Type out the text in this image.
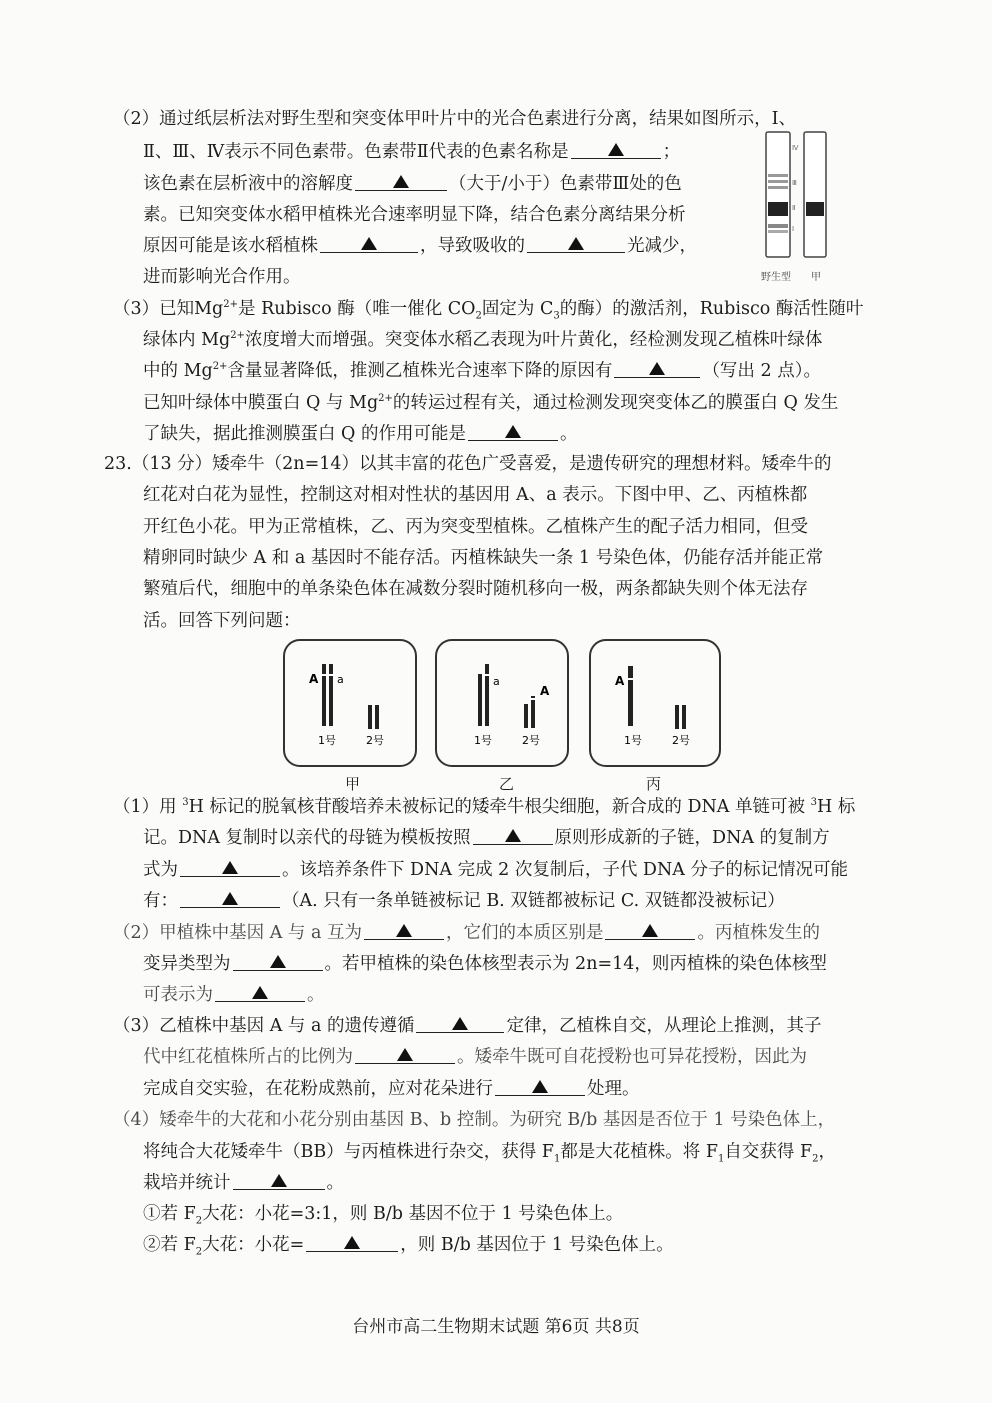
（2）通过纸层析法对野生型和突变体甲叶片中的光合色素进行分离，结果如图所示，Ⅰ、
Ⅱ、Ⅲ、Ⅳ表示不同色素带。色素带Ⅱ代表的色素名称是	；
该色素在层析液中的溶解度	（大于/小于）色素带Ⅲ处的色
素。已知突变体水稻甲植株光合速率明显下降，结合色素分离结果分析
原因可能是该水稻植株	，导致吸收的	光减少，
进而影响光合作用。
Ⅳ
Ⅲ
Ⅱ
Ⅰ
野生型 甲
（3）已知$Mg^{2+}$是 Rubisco 酶（唯一催化 $CO_2$固定为 $C_3$的酶）的激活剂，Rubisco 酶活性随叶
绿体内 $Mg^{2+}$浓度增大而增强。突变体水稻乙表现为叶片黄化，经检测发现乙植株叶绿体
中的 $Mg^{2+}$含量显著降低，推测乙植株光合速率下降的原因有	（写出 2 点）。
已知叶绿体中膜蛋白 Q 与 $Mg^{2+}$的转运过程有关，通过检测发现突变体乙的膜蛋白 Q 发生
了缺失，据此推测膜蛋白 Q 的作用可能是	。
23.（13 分）矮牵牛（2n=14）以其丰富的花色广受喜爱，是遗传研究的理想材料。矮牵牛的
红花对白花为显性，控制这对相对性状的基因用 A、a 表示。下图中甲、乙、丙植株都
开红色小花。甲为正常植株，乙、丙为突变型植株。乙植株产生的配子活力相同，但受
精卵同时缺少 A 和 a 基因时不能存活。丙植株缺失一条 1 号染色体，仍能存活并能正常
繁殖后代，细胞中的单条染色体在减数分裂时随机移向一极，两条都缺失则个体无法存
活。回答下列问题：
A a
1号	2号
a
A
1号	2号
A
1号	2号
甲	乙	丙
（1）用 $^3$H 标记的脱氧核苷酸培养未被标记的矮牵牛根尖细胞，新合成的 DNA 单链可被 $^3$H 标
记。DNA 复制时以亲代的母链为模板按照	原则形成新的子链，DNA 的复制方
式为	。该培养条件下 DNA 完成 2 次复制后，子代 DNA 分子的标记情况可能
有：	（A. 只有一条单链被标记 B. 双链都被标记 C. 双链都没被标记）
（2）甲植株中基因 A 与 a 互为	，它们的本质区别是	。丙植株发生的
变异类型为	。若甲植株的染色体核型表示为 2n=14，则丙植株的染色体核型
可表示为	。
（3）乙植株中基因 A 与 a 的遗传遵循	定律，乙植株自交，从理论上推测，其子
代中红花植株所占的比例为	。矮牵牛既可自花授粉也可异花授粉，因此为
完成自交实验，在花粉成熟前，应对花朵进行	处理。
（4）矮牵牛的大花和小花分别由基因 B、b 控制。为研究 B/b 基因是否位于 1 号染色体上，
将纯合大花矮牵牛（BB）与丙植株进行杂交，获得 $F_1$都是大花植株。将 $F_1$自交获得 $F_2$，
栽培并统计	。
①若 $F_2$大花：小花=3:1，则 B/b 基因不位于 1 号染色体上。
②若 $F_2$大花：小花=	，则 B/b 基因位于 1 号染色体上。
台州市高二生物期末试题 第6页 共8页
